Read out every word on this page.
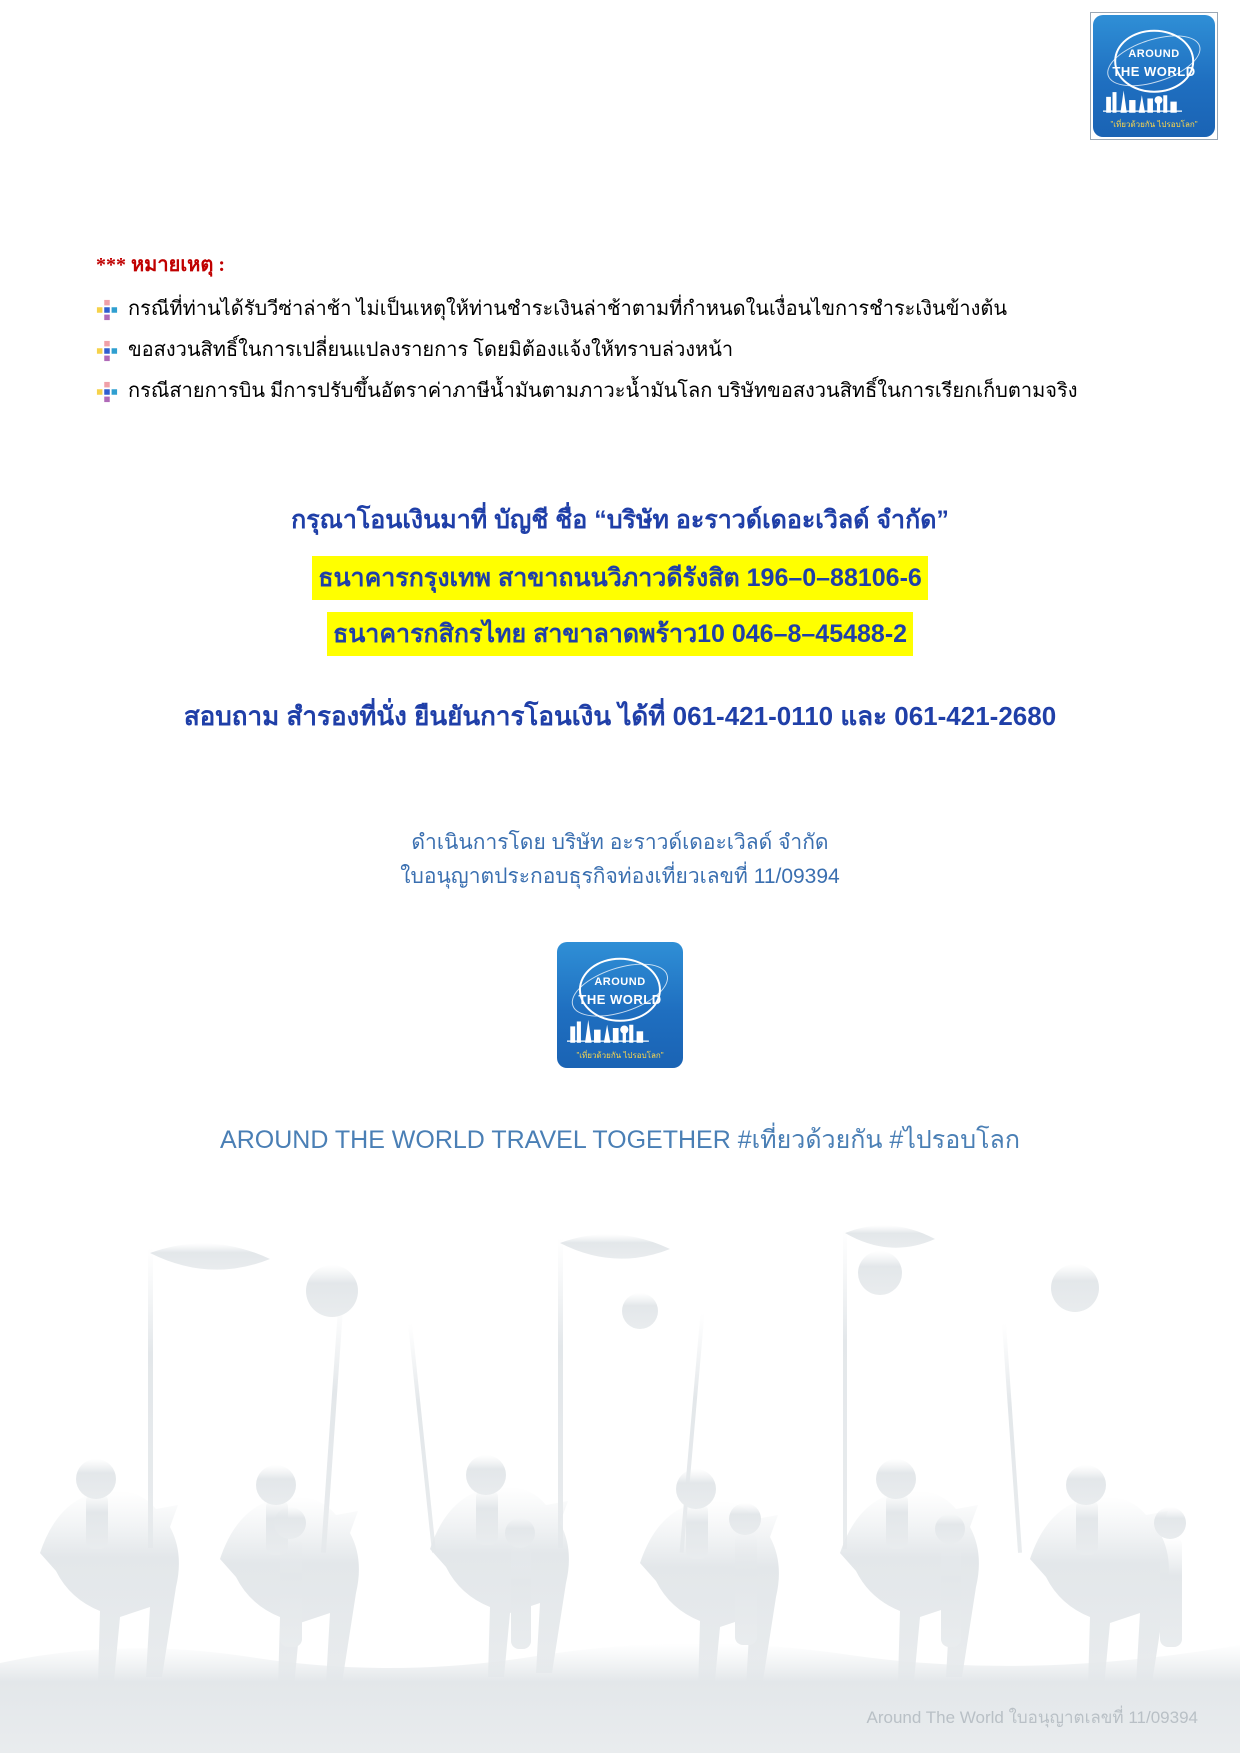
AROUND
THE WORLD
"เที่ยวด้วยกัน ไปรอบโลก"
*** หมายเหตุ :
กรณีที่ท่านได้รับวีซ่าล่าช้า ไม่เป็นเหตุให้ท่านชำระเงินล่าช้าตามที่กำหนดในเงื่อนไขการชำระเงินข้างต้น
ขอสงวนสิทธิ์ในการเปลี่ยนแปลงรายการ โดยมิต้องแจ้งให้ทราบล่วงหน้า
กรณีสายการบิน มีการปรับขึ้นอัตราค่าภาษีน้ำมันตามภาวะน้ำมันโลก บริษัทขอสงวนสิทธิ์ในการเรียกเก็บตามจริง
กรุณาโอนเงินมาที่ บัญชี ชื่อ “บริษัท อะราวด์เดอะเวิลด์ จำกัด”
ธนาคารกรุงเทพ สาขาถนนวิภาวดีรังสิต 196–0–88106-6
ธนาคารกสิกรไทย สาขาลาดพร้าว10 046–8–45488-2
สอบถาม สำรองที่นั่ง ยืนยันการโอนเงิน ได้ที่ 061-421-0110 และ 061-421-2680
ดำเนินการโดย บริษัท อะราวด์เดอะเวิลด์ จำกัด
ใบอนุญาตประกอบธุรกิจท่องเที่ยวเลขที่ 11/09394
AROUND
THE WORLD
"เที่ยวด้วยกัน ไปรอบโลก"
AROUND THE WORLD TRAVEL TOGETHER #เที่ยวด้วยกัน #ไปรอบโลก
Around The World ใบอนุญาตเลขที่ 11/09394
